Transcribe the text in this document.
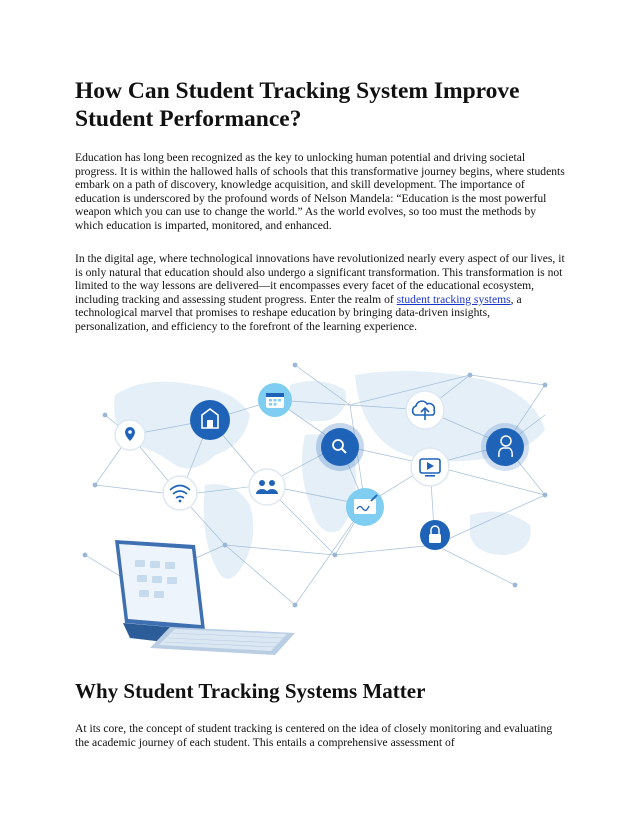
How Can Student Tracking System Improve Student Performance?

Education has long been recognized as the key to unlocking human potential and driving societal progress. It is within the hallowed halls of schools that this transformative journey begins, where students embark on a path of discovery, knowledge acquisition, and skill development. The importance of education is underscored by the profound words of Nelson Mandela: “Education is the most powerful weapon which you can use to change the world.” As the world evolves, so too must the methods by which education is imparted, monitored, and enhanced.

In the digital age, where technological innovations have revolutionized nearly every aspect of our lives, it is only natural that education should also undergo a significant transformation. This transformation is not limited to the way lessons are delivered—it encompasses every facet of the educational ecosystem, including tracking and assessing student progress. Enter the realm of student tracking systems, a technological marvel that promises to reshape education by bringing data-driven insights, personalization, and efficiency to the forefront of the learning experience.

Why Student Tracking Systems Matter

At its core, the concept of student tracking is centered on the idea of closely monitoring and evaluating the academic journey of each student. This entails a comprehensive assessment of
